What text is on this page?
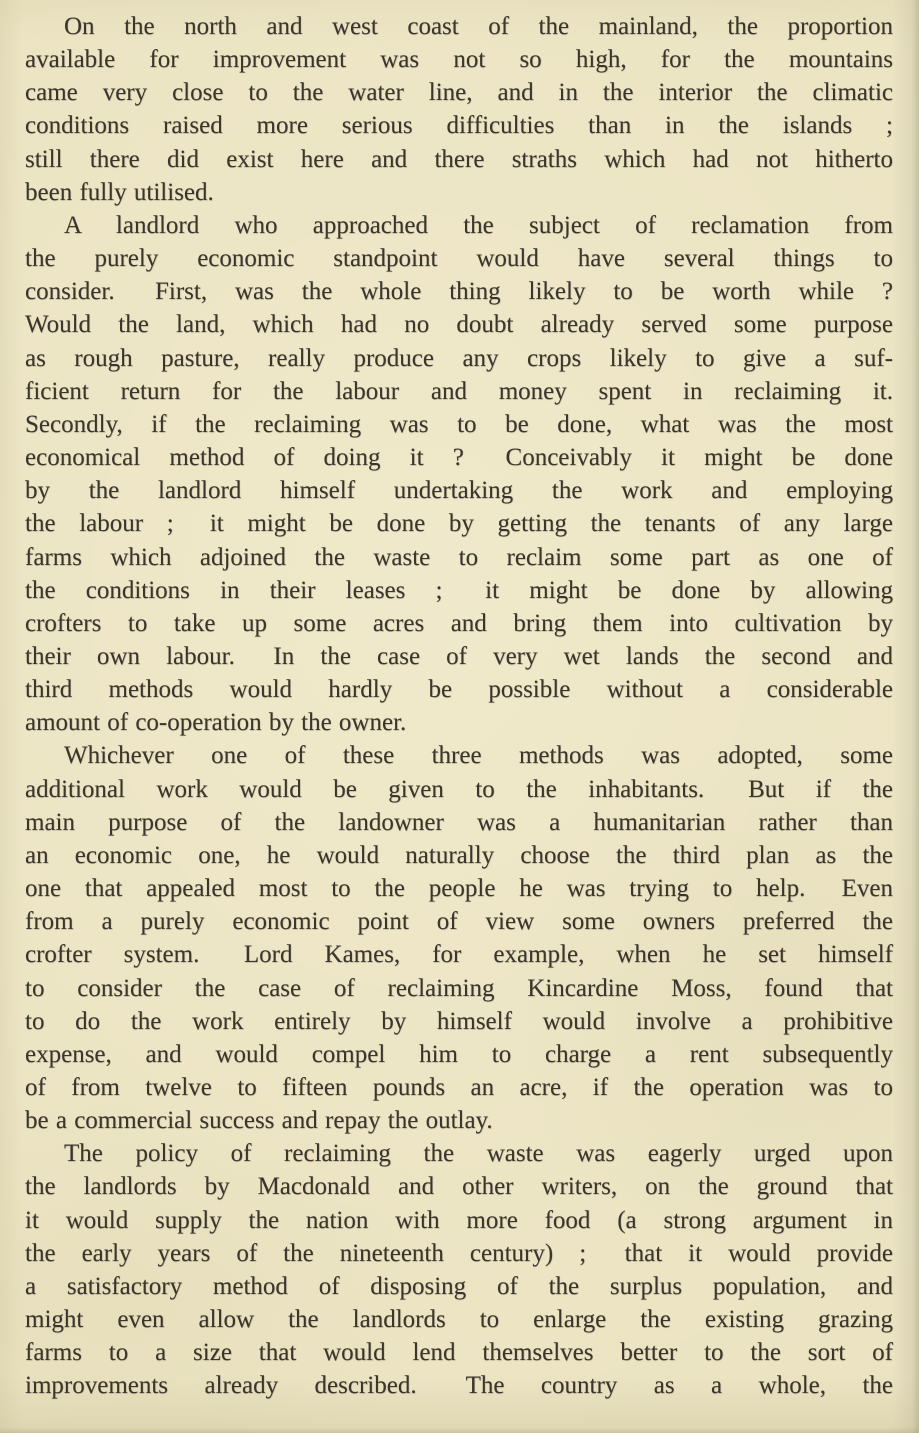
On the north and west coast of the mainland, the proportion
available for improvement was not so high, for the mountains
came very close to the water line, and in the interior the climatic
conditions raised more serious difficulties than in the islands ;
still there did exist here and there straths which had not hitherto
been fully utilised.
A landlord who approached the subject of reclamation from
the purely economic standpoint would have several things to
consider.  First, was the whole thing likely to be worth while ?
Would the land, which had no doubt already served some purpose
as rough pasture, really produce any crops likely to give a suf-
ficient return for the labour and money spent in reclaiming it.
Secondly, if the reclaiming was to be done, what was the most
economical method of doing it ?  Conceivably it might be done
by the landlord himself undertaking the work and employing
the labour ;  it might be done by getting the tenants of any large
farms which adjoined the waste to reclaim some part as one of
the conditions in their leases ;  it might be done by allowing
crofters to take up some acres and bring them into cultivation by
their own labour.  In the case of very wet lands the second and
third methods would hardly be possible without a considerable
amount of co-operation by the owner.
Whichever one of these three methods was adopted, some
additional work would be given to the inhabitants.  But if the
main purpose of the landowner was a humanitarian rather than
an economic one, he would naturally choose the third plan as the
one that appealed most to the people he was trying to help.  Even
from a purely economic point of view some owners preferred the
crofter system.  Lord Kames, for example, when he set himself
to consider the case of reclaiming Kincardine Moss, found that
to do the work entirely by himself would involve a prohibitive
expense, and would compel him to charge a rent subsequently
of from twelve to fifteen pounds an acre, if the operation was to
be a commercial success and repay the outlay.
The policy of reclaiming the waste was eagerly urged upon
the landlords by Macdonald and other writers, on the ground that
it would supply the nation with more food (a strong argument in
the early years of the nineteenth century) ;  that it would provide
a satisfactory method of disposing of the surplus population, and
might even allow the landlords to enlarge the existing grazing
farms to a size that would lend themselves better to the sort of
improvements already described.  The country as a whole, the
